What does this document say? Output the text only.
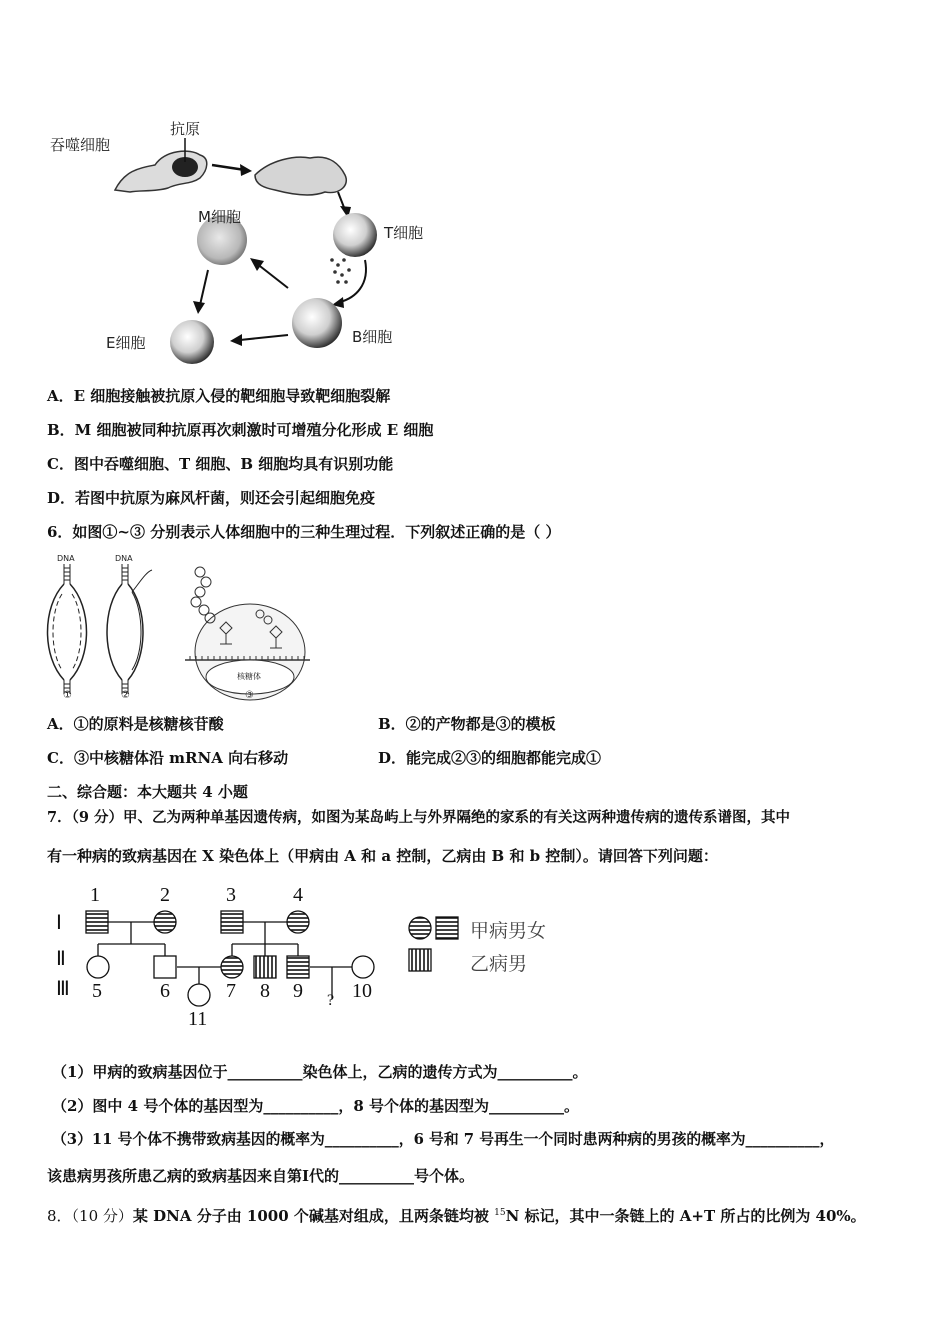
吞噬细胞
抗原
M细胞
T细胞
E细胞	B细胞
A．E 细胞接触被抗原入侵的靶细胞导致靶细胞裂解
B．M 细胞被同种抗原再次刺激时可增殖分化形成 E 细胞
C．图中吞噬细胞、T 细胞、B 细胞均具有识别功能
D．若图中抗原为麻风杆菌，则还会引起细胞免疫
6．如图①~③ 分别表示人体细胞中的三种生理过程．下列叙述正确的是（ ）
DNA	DNA
核糖体
①	②	③
A．①的原料是核糖核苷酸	B．②的产物都是③的模板
C．③中核糖体沿 mRNA 向右移动	D．能完成②③的细胞都能完成①
二、综合题：本大题共 4 小题
7．（9 分）甲、乙为两种单基因遗传病，如图为某岛屿上与外界隔绝的家系的有关这两种遗传病的遗传系谱图，其中
有一种病的致病基因在 X 染色体上（甲病由 A 和 a 控制，乙病由 B 和 b 控制）。请回答下列问题：
Ⅰ
Ⅱ
Ⅲ
1	2	3	4
5	6	7 8 9 10
11
?
甲病男女
乙病男
（1）甲病的致病基因位于__________染色体上，乙病的遗传方式为__________。
（2）图中 4 号个体的基因型为__________，8 号个体的基因型为__________。
（3）11 号个体不携带致病基因的概率为__________，6 号和 7 号再生一个同时患两种病的男孩的概率为__________，
该患病男孩所患乙病的致病基因来自第Ⅰ代的__________号个体。
8．（10 分）某 DNA 分子由 1000 个碱基对组成，且两条链均被 $^{15}$N 标记，其中一条链上的 A+T 所占的比例为 40%。
